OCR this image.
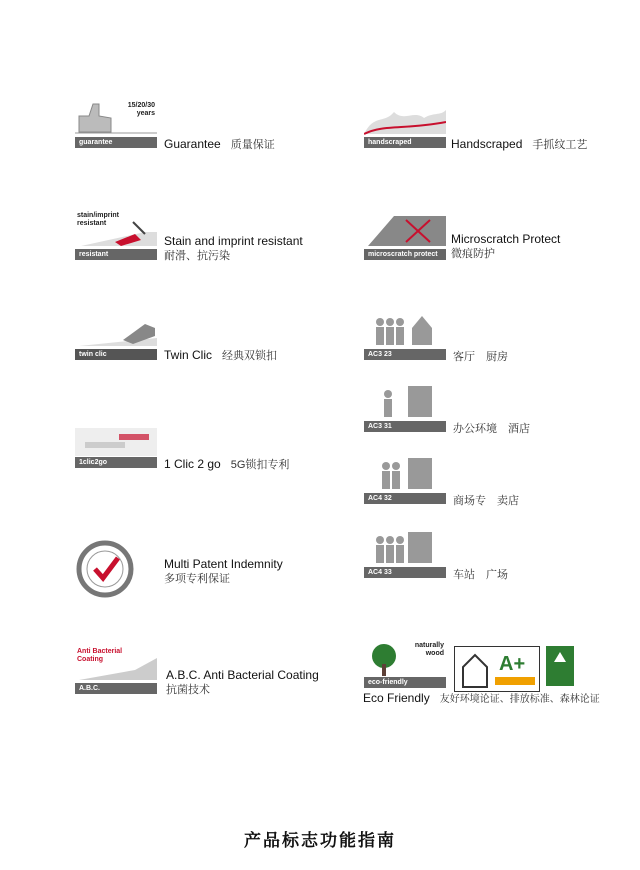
15/20/30
years
guarantee	Guarantee 质量保证
stain/imprint
resistant
resistant
Stain and imprint resistant
耐滑、抗污染
twin clic	Twin Clic 经典双锁扣
1clic2go	1 Clic 2 go 5G锁扣专利
Multi Patent Indemnity
多项专利保证
Anti Bacterial
Coating
A.B.C.
A.B.C. Anti Bacterial Coating
抗菌技术
handscraped	Handscraped 手抓纹工艺
microscratch protect
Microscratch Protect
微痕防护
AC3 23	客厅　厨房
AC3 31	办公环境　酒店
AC4 32	商场专　卖店
AC4 33	车站　广场
naturally
wood
eco-friendly
A+
Eco Friendly 友好环境论证、排放标准、森林论证
产品标志功能指南
